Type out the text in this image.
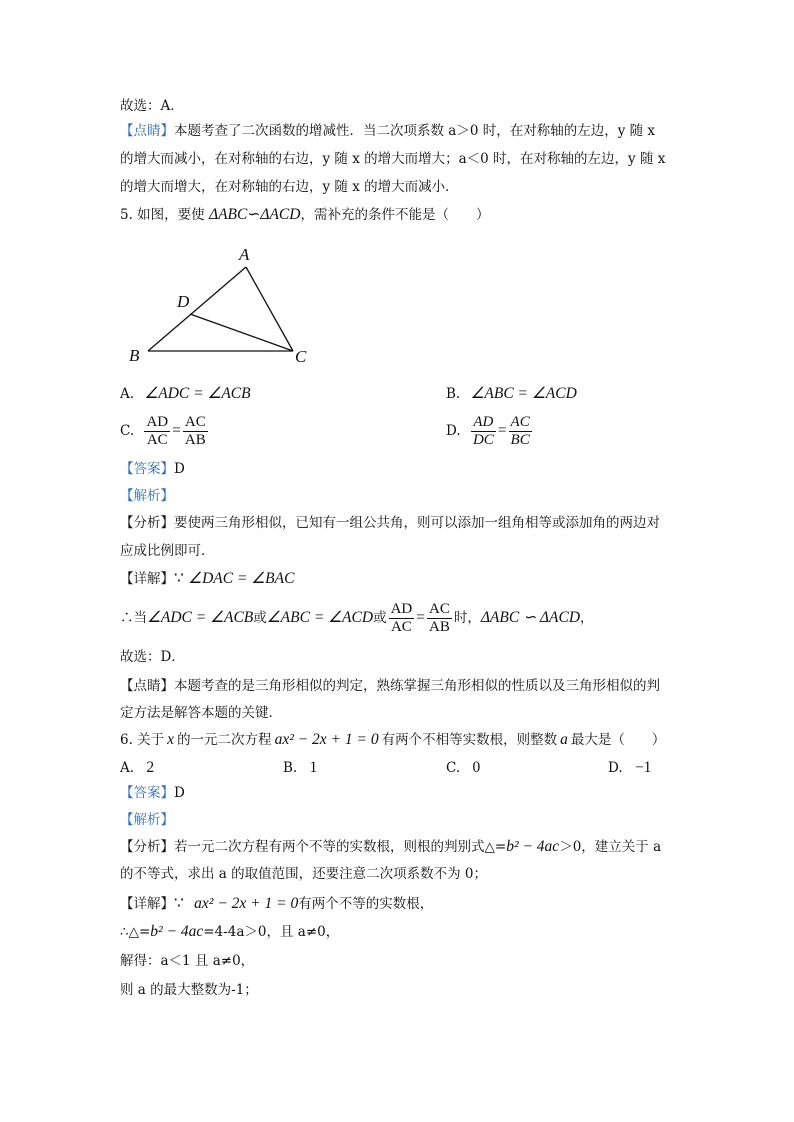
故选：A．
【点睛】本题考查了二次函数的增减性．当二次项系数 a＞0 时，在对称轴的左边，y 随 x
的增大而减小，在对称轴的右边，y 随 x 的增大而增大；a＜0 时，在对称轴的左边，y 随 x
的增大而增大，在对称轴的右边，y 随 x 的增大而减小．
5. 如图，要使 ΔABC∽ΔACD，需补充的条件不能是（　　）
A
D
B	C
A. ∠ADC = ∠ACB	B. ∠ABC = ∠ACD
C. $\frac{AD}{AC} = \frac{AC}{AB}$	D. $\frac{AD}{DC} = \frac{AC}{BC}$
【答案】D
【解析】
【分析】要使两三角形相似，已知有一组公共角，则可以添加一组角相等或添加角的两边对
应成比例即可．
【详解】∵ ∠DAC = ∠BAC
∴当∠ADC = ∠ACB或∠ABC = ∠ACD或 $\frac{AD}{AC} = \frac{AC}{AB}$ 时，ΔABC ∽ ΔACD，
故选：D．
【点睛】本题考查的是三角形相似的判定，熟练掌握三角形相似的性质以及三角形相似的判
定方法是解答本题的关键．
6. 关于 x 的一元二次方程 ax² − 2x + 1 = 0 有两个不相等实数根，则整数 a 最大是（　　）
A. 2	B. 1	C. 0	D. −1
【答案】D
【解析】
【分析】若一元二次方程有两个不等的实数根，则根的判别式△=b² − 4ac＞0，建立关于 a
的不等式，求出 a 的取值范围，还要注意二次项系数不为 0；
【详解】∵ ax² − 2x + 1 = 0有两个不等的实数根，
∴△=b² − 4ac=4-4a＞0，且 a≠0，
解得：a＜1 且 a≠0，
则 a 的最大整数为-1；
